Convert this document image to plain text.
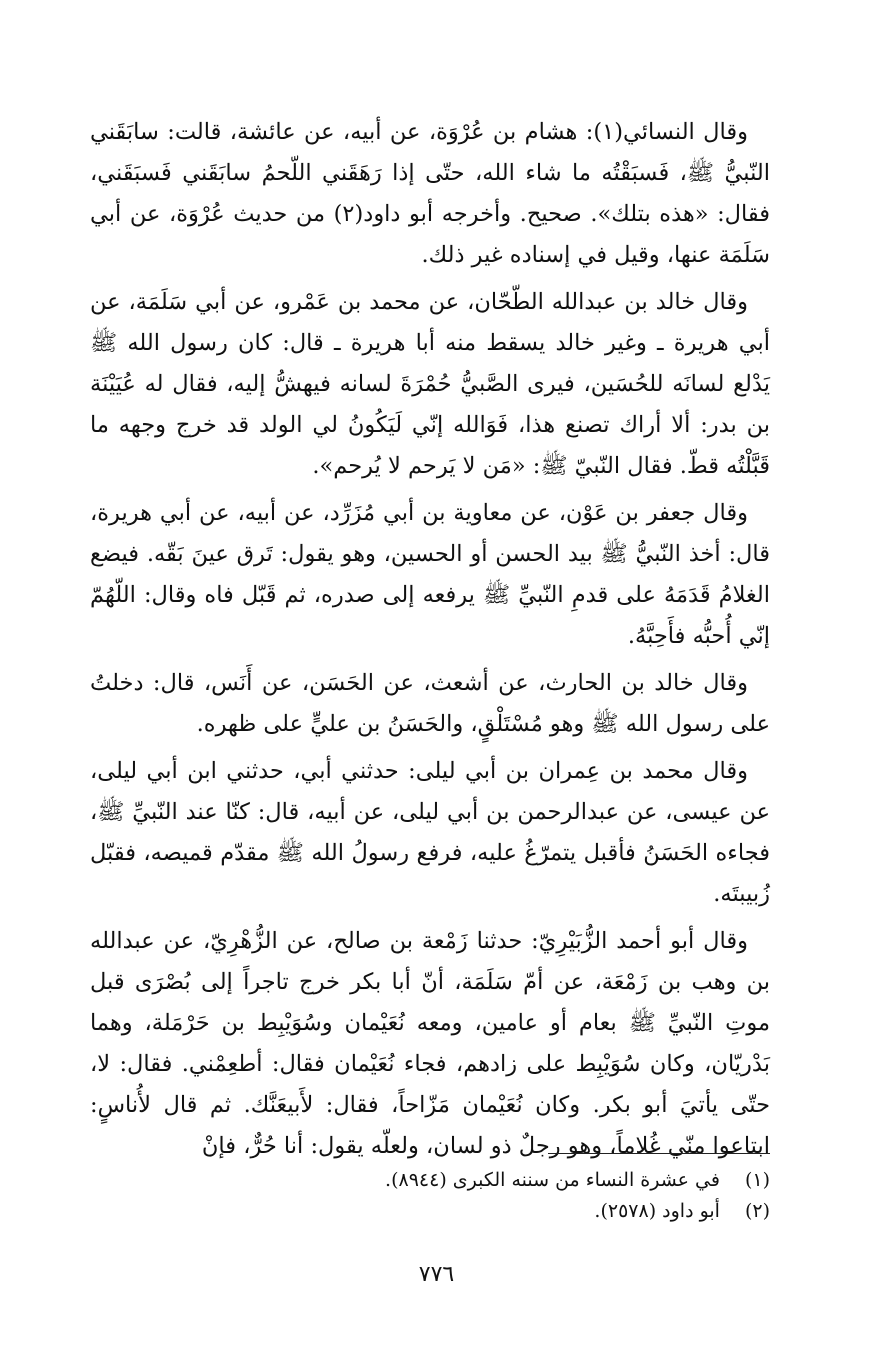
وقال النسائي(١): هشام بن عُرْوَة، عن أبيه، عن عائشة، قالت: سابَقَني النّبيُّ ﷺ، فَسبَقْتُه ما شاء الله، حتّى إذا رَهَقَني اللّحمُ سابَقَني فَسبَقَني، فقال: «هذه بتلك». صحيح. وأخرجه أبو داود(٢) من حديث عُرْوَة، عن أبي سَلَمَة عنها، وقيل في إسناده غير ذلك.

وقال خالد بن عبدالله الطّحّان، عن محمد بن عَمْرو، عن أبي سَلَمَة، عن أبي هريرة ـ وغير خالد يسقط منه أبا هريرة ـ قال: كان رسول الله ﷺ يَدْلع لسانَه للحُسَين، فيرى الصَّبيُّ حُمْرَةَ لسانه فيهشُّ إليه، فقال له عُيَيْنَة بن بدر: ألا أراك تصنع هذا، فَوَالله إنّي لَيَكُونُ لي الولد قد خرج وجهه ما قَبَّلْتُه قطّ. فقال النّبيّ ﷺ: «مَن لا يَرحم لا يُرحم».

وقال جعفر بن عَوْن، عن معاوية بن أبي مُزَرِّد، عن أبيه، عن أبي هريرة، قال: أخذ النّبيُّ ﷺ بيد الحسن أو الحسين، وهو يقول: تَرق عينَ بَقّه. فيضع الغلامُ قَدَمَهُ على قدمِ النّبيِّ ﷺ يرفعه إلى صدره، ثم قَبّل فاه وقال: اللّهُمّ إنّي أُحبُّه فأَحِبَّهُ.

وقال خالد بن الحارث، عن أشعث، عن الحَسَن، عن أَنَس، قال: دخلتُ على رسول الله ﷺ وهو مُسْتَلْقٍ، والحَسَنُ بن عليٍّ على ظهره.

وقال محمد بن عِمران بن أبي ليلى: حدثني أبي، حدثني ابن أبي ليلى، عن عيسى، عن عبدالرحمن بن أبي ليلى، عن أبيه، قال: كنّا عند النّبيِّ ﷺ، فجاءه الحَسَنُ فأقبل يتمرّغُ عليه، فرفع رسولُ الله ﷺ مقدّم قميصه، فقبّل زُبيبتَه.

وقال أبو أحمد الزُّبَيْرِيّ: حدثنا زَمْعة بن صالح، عن الزُّهْرِيّ، عن عبدالله بن وهب بن زَمْعَة، عن أمّ سَلَمَة، أنّ أبا بكر خرج تاجراً إلى بُصْرَى قبل موتِ النّبيِّ ﷺ بعام أو عامين، ومعه نُعَيْمان وسُوَيْبِط بن حَرْمَلة، وهما بَدْريّان، وكان سُوَيْبِط على زادهم، فجاء نُعَيْمان فقال: أطعِمْني. فقال: لا، حتّى يأتيَ أبو بكر. وكان نُعَيْمان مَزّاحاً، فقال: لأَبيعَنَّك. ثم قال لأُناسٍ: ابتاعوا منّي غُلاماً، وهو رجلٌ ذو لسان، ولعلّه يقول: أنا حُرٌّ، فإنْ

(١) في عشرة النساء من سننه الكبرى (٨٩٤٤).
(٢) أبو داود (٢٥٧٨).
٧٧٦
